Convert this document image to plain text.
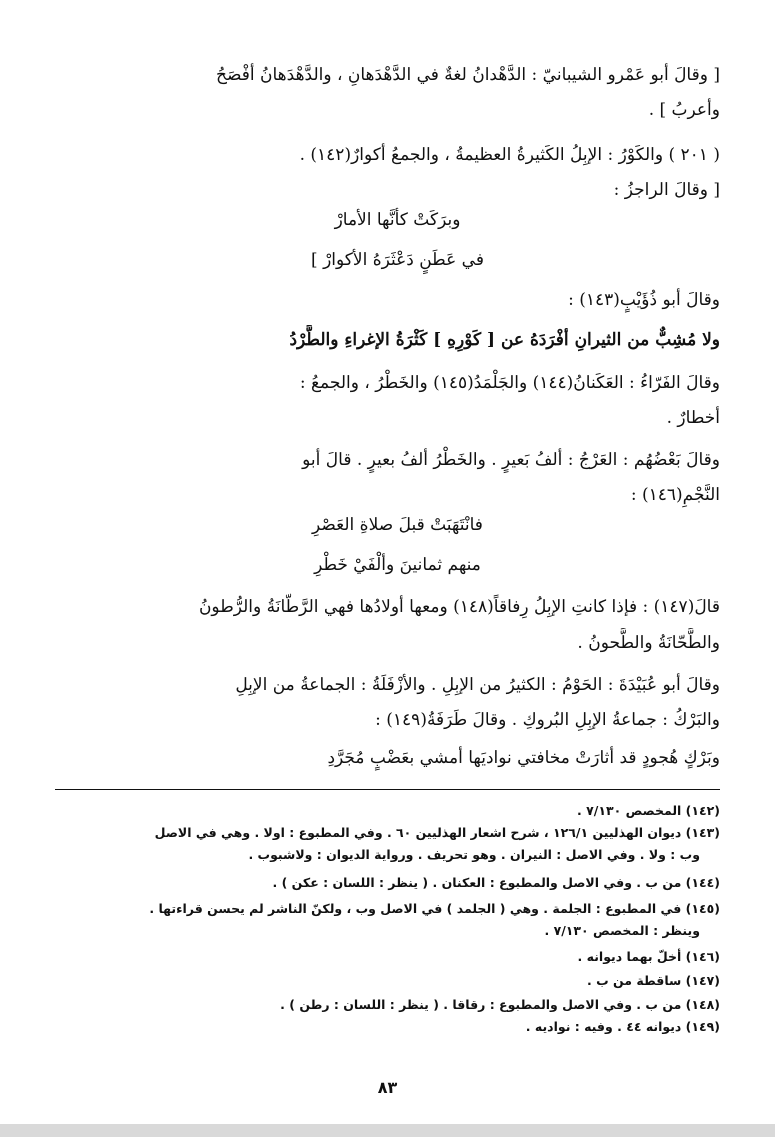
[ وقالَ أبو عَمْرو الشيبانيّ : الدَّهْدانُ لغةٌ في الدَّهْدَهانِ ، والدَّهْدَهانُ أفْصَحُ
وأعربُ ] .
( ٢٠١ ) والكَوْرُ : الإبِلُ الكَثيرةُ العظيمةُ ، والجمعُ أكوارٌ(١٤٢) .
[ وقالَ الراجزُ :
وبرَكَتْ كأنَّها الأمارْ
في عَطَنٍ دَعْثَرَهُ الأكوارْ ]
وقالَ أبو ذُؤَيْبٍ(١٤٣) :
ولا مُشِبٌّ من الثيرانِ أفْرَدَهُ عن [ كَوْرِهِ ] كَثْرَةُ الإغراءِ والطَّرْدُ
وقالَ الفَرّاءُ : العَكَنانُ(١٤٤) والجَلْمَدُ(١٤٥) والخَطْرُ ، والجمعُ :
أخطارٌ .
وقالَ بَعْضُهُم : العَرْجُ : ألفُ بَعيرٍ . والخَطْرُ ألفُ بعيرٍ . قالَ أبو
النَّجْمِ(١٤٦) :
فانْتَهَبَتْ قبلَ صلاةِ العَصْرِ
منهم ثمانينَ وألْفَيْ خَطْرِ
قالَ(١٤٧) : فإذا كانتِ الإبِلُ رِفاقاً(١٤٨) ومعها أولادُها فهي الرَّطّانَةُ والرُّطونُ
والطَّحّانَةُ والطَّحونُ .
وقالَ أبو عُبَيْدَةَ : الحَوْمُ : الكثيرُ من الإبِلِ . والأزْفَلَةُ : الجماعةُ من الإبِلِ
والبَرْكُ : جماعةُ الإبِلِ البُروكِ . وقالَ طَرَفَةُ(١٤٩) :
وبَرْكٍ هُجودٍ قد أثارَتْ مخافتي نواديَها أمشي بعَضْبٍ مُجَرَّدِ
(١٤٢) المخصص ٧/١٣٠ .
(١٤٣) ديوان الهذليين ١٢٦/١ ، شرح اشعار الهذليين ٦٠ . وفي المطبوع : اولا . وهي في الاصل
وب : ولا . وفي الاصل : النيران . وهو تحريف . ورواية الديوان : ولاشبوب .
(١٤٤) من ب . وفي الاصل والمطبوع : العكنان . ( ينظر : اللسان : عكن ) .
(١٤٥) في المطبوع : الجلمة . وهي ( الجلمد ) في الاصل وب ، ولكنّ الناشر لم يحسن قراءتها .
وينظر : المخصص ٧/١٣٠ .
(١٤٦) أخلّ بهما ديوانه .
(١٤٧) ساقطة من ب .
(١٤٨) من ب . وفي الاصل والمطبوع : رقاقا . ( ينظر : اللسان : رطن ) .
(١٤٩) ديوانه ٤٤ . وفيه : نواديه .
٨٣
